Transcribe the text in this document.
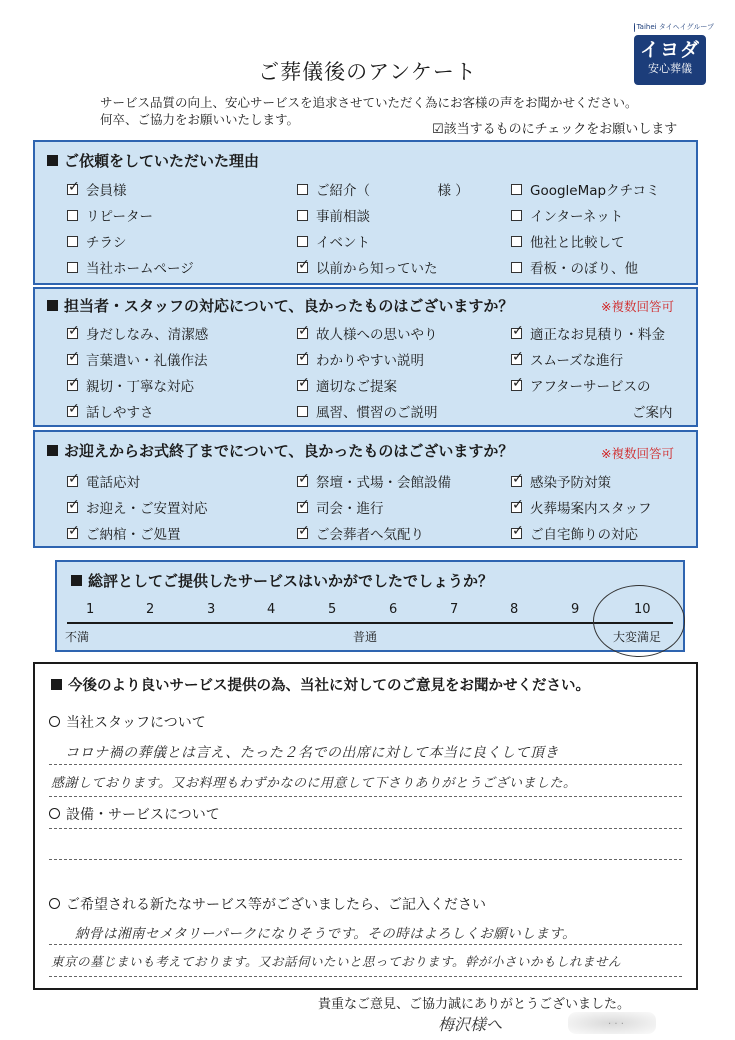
Taihei タイヘイグループ
イヨダ
安心葬儀
ご葬儀後のアンケート
サービス品質の向上、安心サービスを追求させていただく為にお客様の声をお聞かせください。
何卒、ご協力をお願いいたします。
☑該当するものにチェックをお願いします
ご依頼をしていただいた理由
✓
会員様	ご紹介（　　　　　様 ）	GoogleMapクチコミ
リピーター	事前相談	インターネット
チラシ	イベント	他社と比較して
当社ホームページ ✓	以前から知っていた	看板・のぼり、他
担当者・スタッフの対応について、良かったものはございますか？	※複数回答可
✓
身だしなみ、清潔感 ✓	故人様への思いやり ✓	適正なお見積り・料金
✓
言葉遣い・礼儀作法 ✓	わかりやすい説明 ✓	スムーズな進行
✓
親切・丁寧な対応 ✓	適切なご提案 ✓	アフターサービスの
✓
話しやすさ	風習、慣習のご説明	ご案内
お迎えからお式終了までについて、良かったものはございますか？	※複数回答可
✓
電話応対 ✓	祭壇・式場・会館設備 ✓	感染予防対策
✓
お迎え・ご安置対応 ✓	司会・進行 ✓	火葬場案内スタッフ
✓
ご納棺・ご処置 ✓	ご会葬者へ気配り ✓	ご自宅飾りの対応
総評としてご提供したサービスはいかがでしたでしょうか？
1	2	3	4	5	6	7	8	9	10
不満	普通	大変満足
今後のより良いサービス提供の為、当社に対してのご意見をお聞かせください。
当社スタッフについて
コロナ禍の葬儀とは言え、たった２名での出席に対して本当に良くして頂き
感謝しております。又お料理もわずかなのに用意して下さりありがとうございました。
設備・サービスについて
ご希望される新たなサービス等がございましたら、ご記入ください
納骨は湘南セメタリーパークになりそうです。その時はよろしくお願いします。
東京の墓じまいも考えております。又お話伺いたいと思っております。幹が小さいかもしれません
貴重なご意見、ご協力誠にありがとうございました。
梅沢様へ	. . .
